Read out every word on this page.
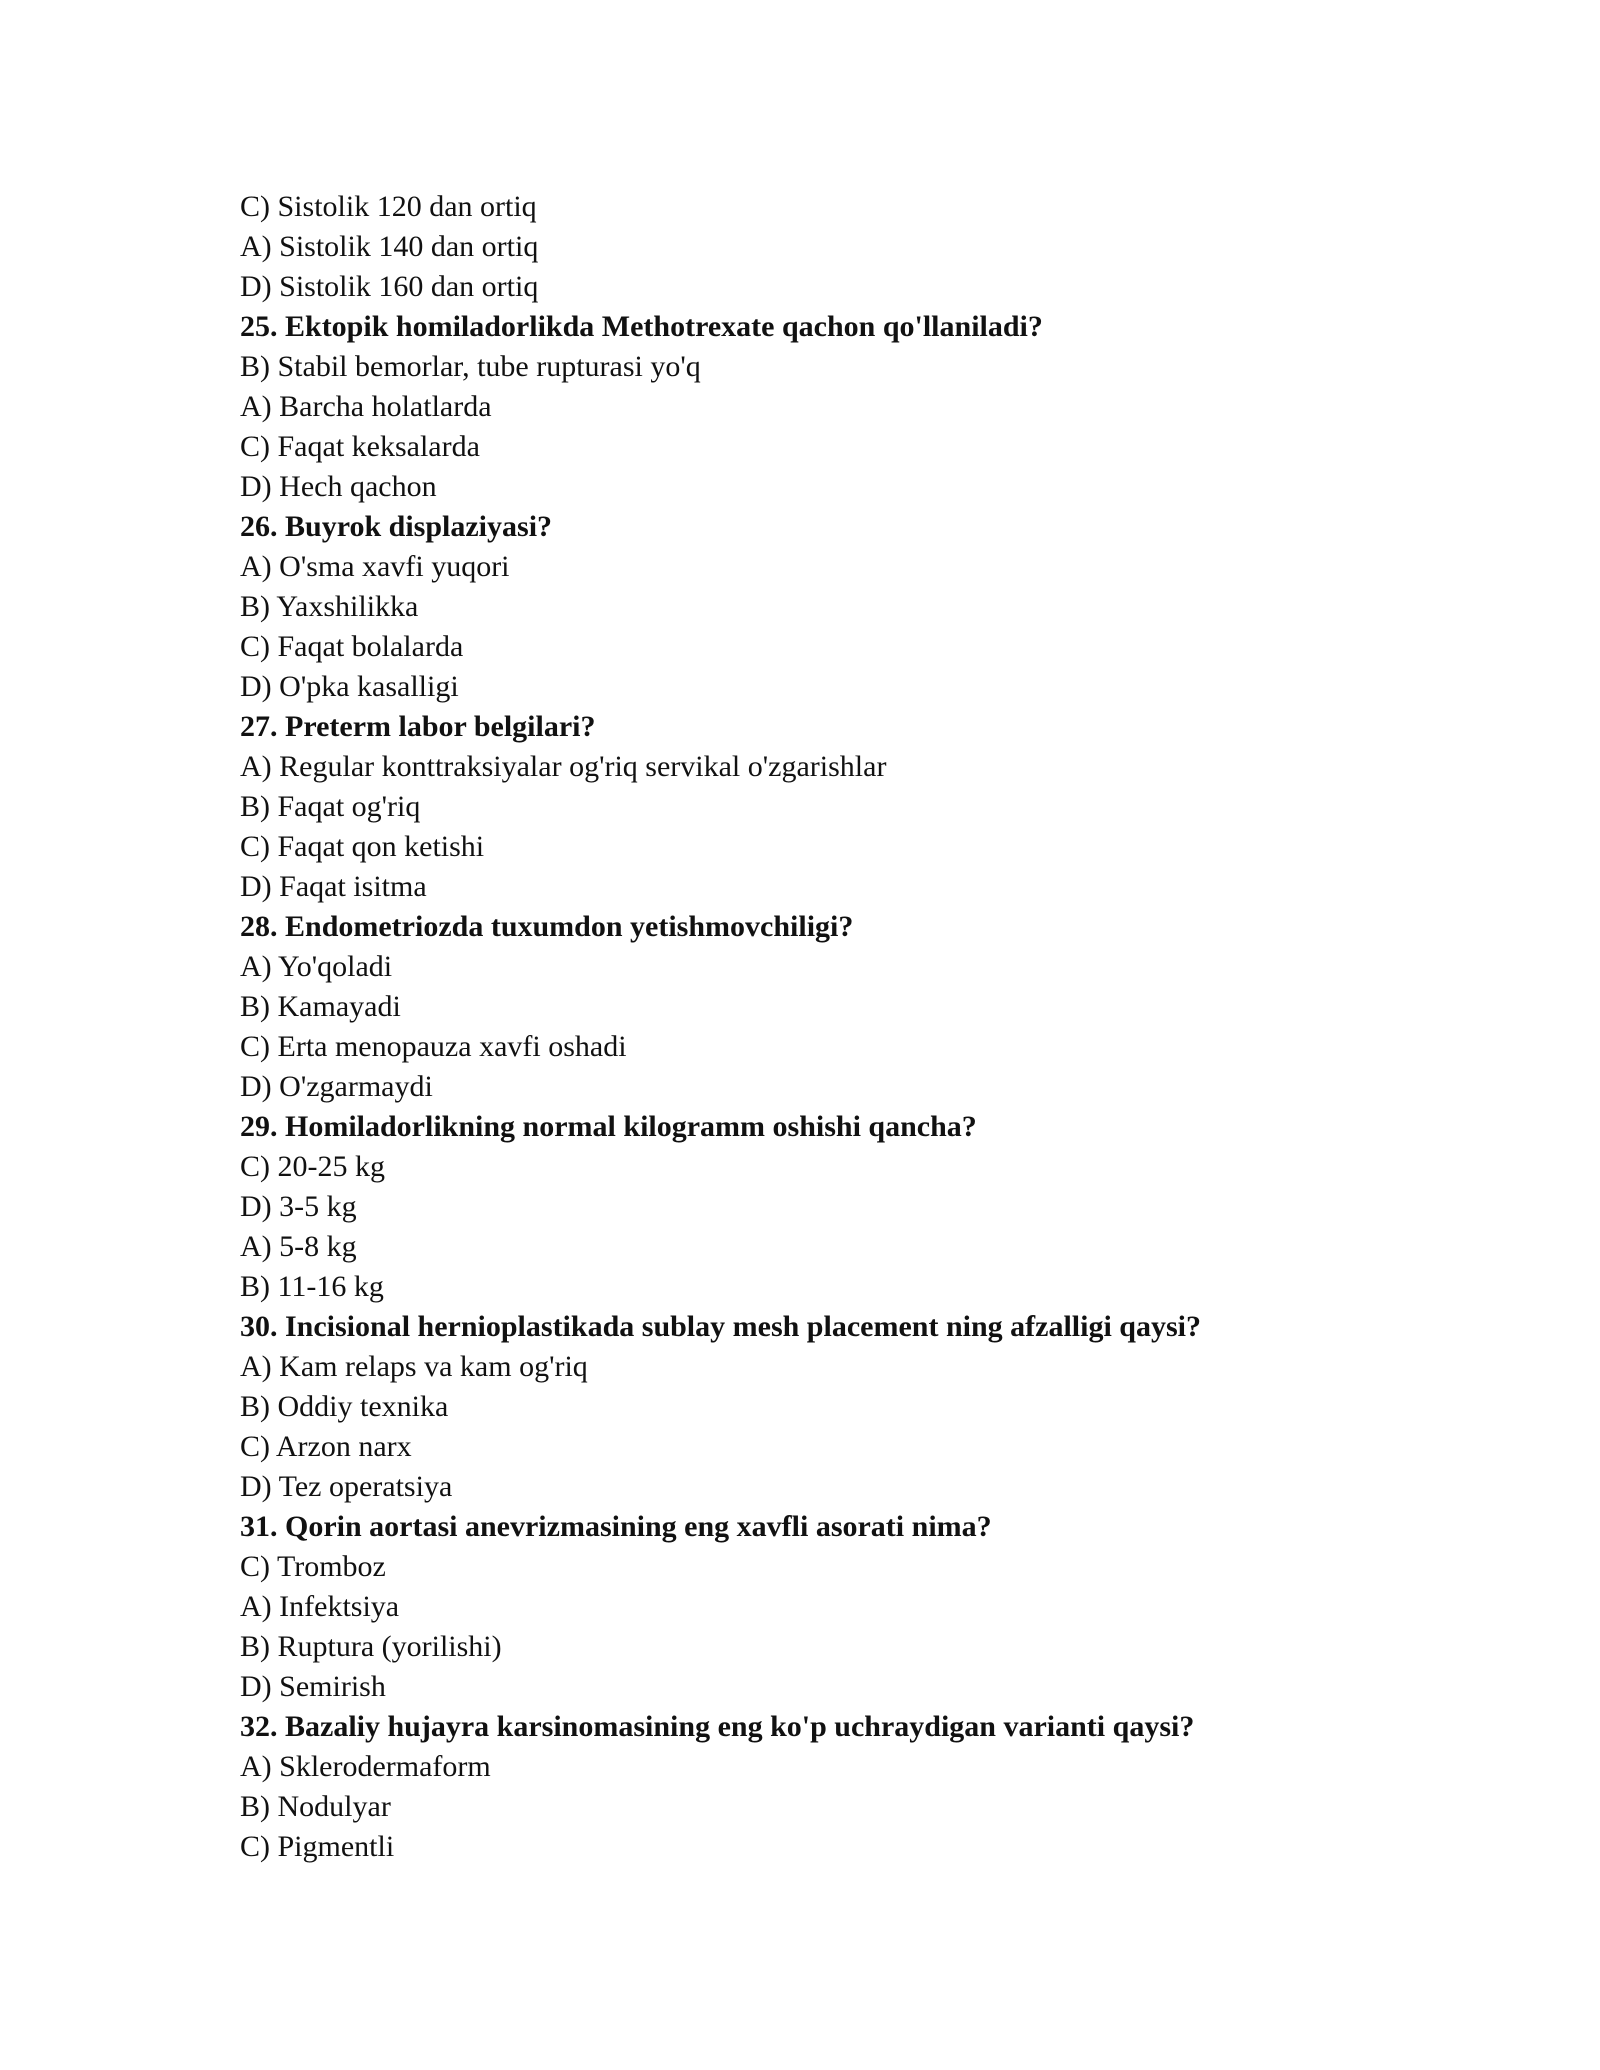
C) Sistolik 120 dan ortiq
A) Sistolik 140 dan ortiq
D) Sistolik 160 dan ortiq
25. Ektopik homiladorlikda Methotrexate qachon qo'llaniladi?
B) Stabil bemorlar, tube rupturasi yo'q
A) Barcha holatlarda
C) Faqat keksalarda
D) Hech qachon
26. Buyrok displaziyasi?
A) O'sma xavfi yuqori
B) Yaxshilikka
C) Faqat bolalarda
D) O'pka kasalligi
27. Preterm labor belgilari?
A) Regular konttraksiyalar og'riq servikal o'zgarishlar
B) Faqat og'riq
C) Faqat qon ketishi
D) Faqat isitma
28. Endometriozda tuxumdon yetishmovchiligi?
A) Yo'qoladi
B) Kamayadi
C) Erta menopauza xavfi oshadi
D) O'zgarmaydi
29. Homiladorlikning normal kilogramm oshishi qancha?
C) 20-25 kg
D) 3-5 kg
A) 5-8 kg
B) 11-16 kg
30. Incisional hernioplastikada sublay mesh placement ning afzalligi qaysi?
A) Kam relaps va kam og'riq
B) Oddiy texnika
C) Arzon narx
D) Tez operatsiya
31. Qorin aortasi anevrizmasining eng xavfli asorati nima?
C) Tromboz
A) Infektsiya
B) Ruptura (yorilishi)
D) Semirish
32. Bazaliy hujayra karsinomasining eng ko'p uchraydigan varianti qaysi?
A) Sklerodermaform
B) Nodulyar
C) Pigmentli
